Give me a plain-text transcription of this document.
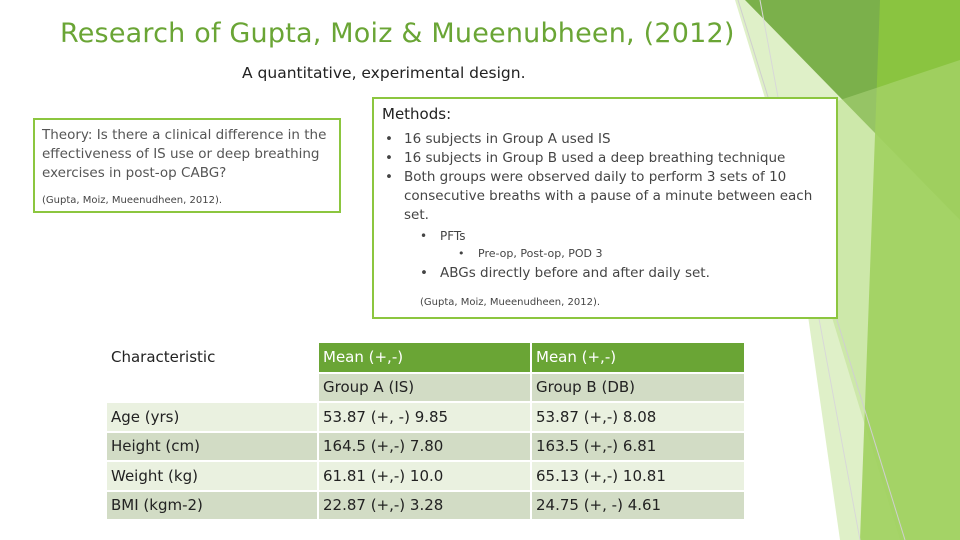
Research of Gupta, Moiz & Mueenubheen, (2012)
A quantitative, experimental design.
Theory: Is there a clinical difference in the effectiveness of IS use or deep breathing exercises in post-op CABG?
(Gupta, Moiz, Mueenudheen, 2012).
Methods:
• 16 subjects in Group A used IS
• 16 subjects in Group B used a deep breathing technique
• Both groups were observed daily to perform 3 sets of 10 consecutive breaths with a pause of a minute between each set.
• PFTs
• Pre-op, Post-op, POD 3
• ABGs directly before and after daily set.
(Gupta, Moiz, Mueenudheen, 2012).
Characteristic	Mean (+,-)	Mean (+,-)
	Group A (IS)	Group B (DB)
Age (yrs)	53.87 (+, -) 9.85	53.87 (+,-) 8.08
Height (cm)	164.5 (+,-) 7.80	163.5 (+,-) 6.81
Weight (kg)	61.81 (+,-) 10.0	65.13 (+,-) 10.81
BMI (kgm-2)	22.87 (+,-) 3.28	24.75 (+, -) 4.61
